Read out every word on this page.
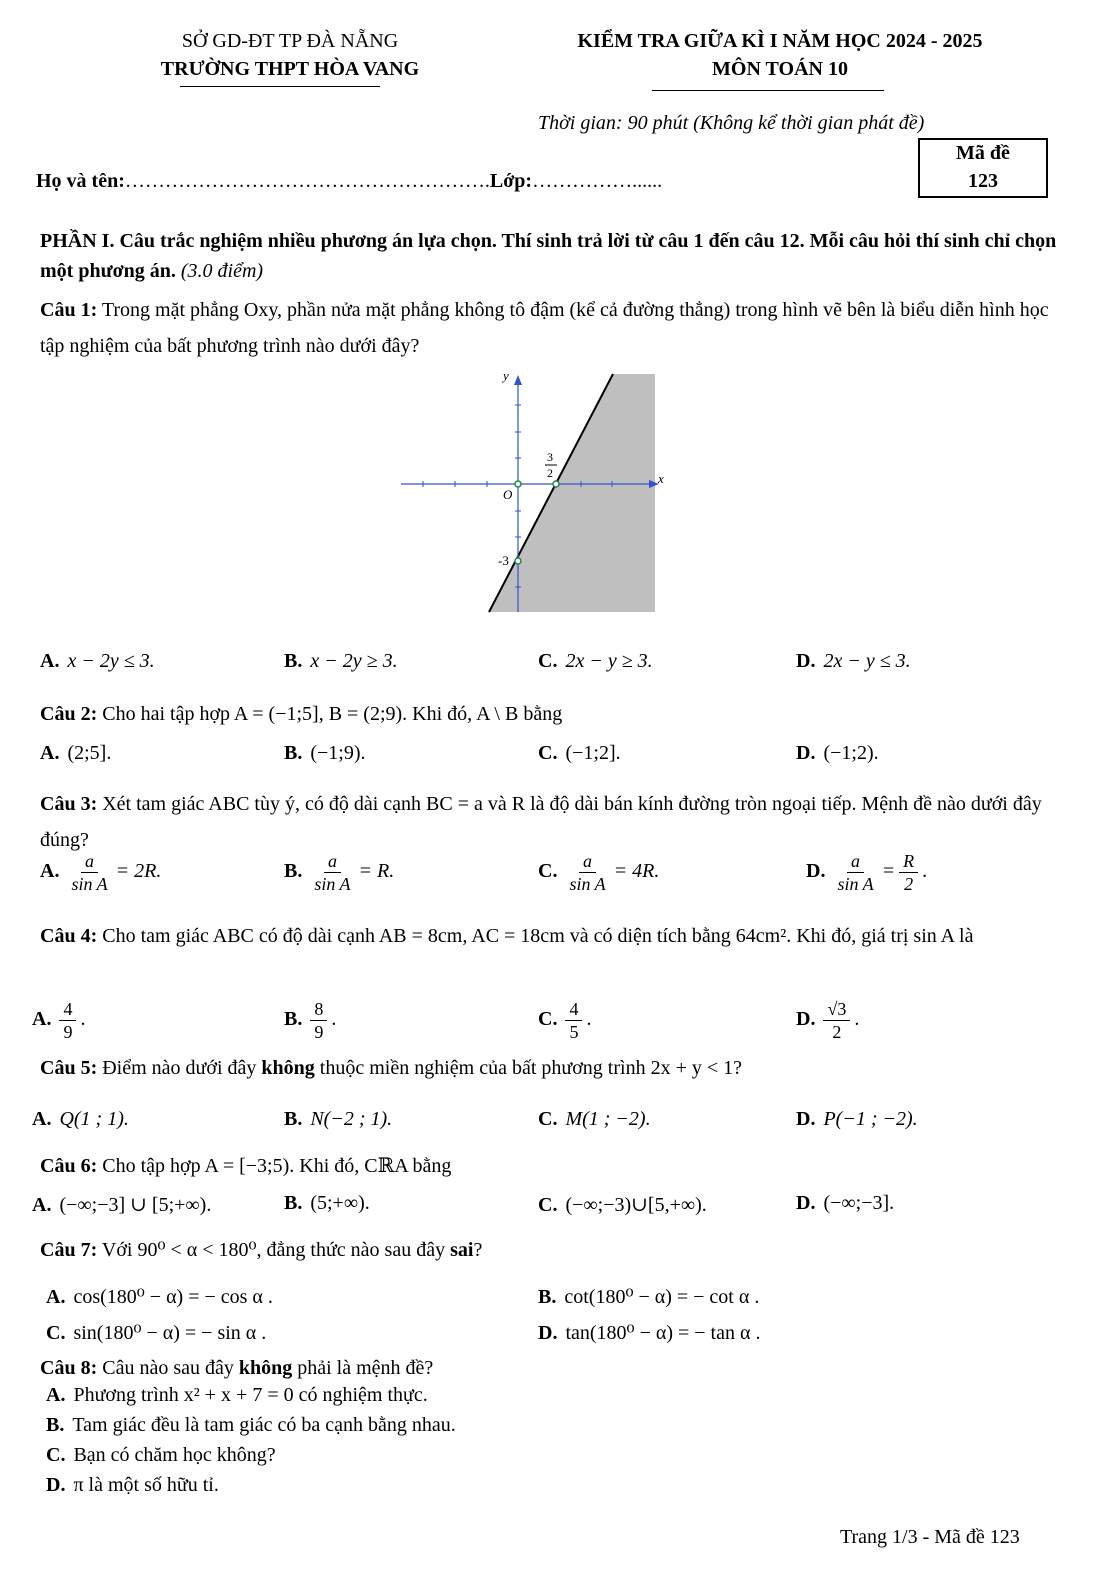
SỞ GD-ĐT TP ĐÀ NẴNG
TRƯỜNG THPT HÒA VANG
KIỂM TRA GIỮA KÌ I NĂM HỌC 2024 - 2025
MÔN TOÁN 10
Thời gian: 90 phút (Không kể thời gian phát đề)
Mã đề
123
Họ và tên:……………………………………………….Lớp:……………......
PHẦN I. Câu trắc nghiệm nhiều phương án lựa chọn. Thí sinh trả lời từ câu 1 đến câu 12. Mỗi câu hỏi thí sinh chỉ chọn một phương án. (3.0 điểm)
Câu 1: Trong mặt phẳng Oxy, phần nửa mặt phẳng không tô đậm (kể cả đường thẳng) trong hình vẽ bên là biểu diễn hình học tập nghiệm của bất phương trình nào dưới đây?
y
x
O
3
2
-3
A. x − 2y ≤ 3.	B. x − 2y ≥ 3.	C. 2x − y ≥ 3.	D. 2x − y ≤ 3.
Câu 2: Cho hai tập hợp A = (−1;5], B = (2;9). Khi đó, A \ B bằng
A. (2;5].	B. (−1;9).	C. (−1;2].	D. (−1;2).
Câu 3: Xét tam giác ABC tùy ý, có độ dài cạnh BC = a và R là độ dài bán kính đường tròn ngoại tiếp. Mệnh đề nào dưới đây đúng?
A. $\frac{a}{\text{sin A}} = 2R$.	B. $\frac{a}{\text{sin A}} = R$.	C. $\frac{a}{\text{sin A}} = 4R$.	D. $\frac{a}{\text{sin A}} = \frac{R}{2}$ .
Câu 4: Cho tam giác ABC có độ dài cạnh AB = 8cm, AC = 18cm và có diện tích bằng 64cm². Khi đó, giá trị sin A là
A. $\frac{4}{9}$ .	B. $\frac{8}{9}$ .	C. $\frac{4}{5}$ .	D. $\frac{√3}{2}$ .
Câu 5: Điểm nào dưới đây không thuộc miền nghiệm của bất phương trình 2x + y < 1?
A. Q(1 ; 1).	B. N(−2 ; 1).	C. M(1 ; −2).	D. P(−1 ; −2).
Câu 6: Cho tập hợp A = [−3;5). Khi đó, CℝA bằng
A. (−∞;−3] ∪ [5;+∞).	B. (5;+∞).	C. (−∞;−3)∪[5,+∞).	D. (−∞;−3].
Câu 7: Với 90⁰ < α < 180⁰, đẳng thức nào sau đây sai?
A. cos(180⁰ − α) = − cos α .	B. cot(180⁰ − α) = − cot α .
C. sin(180⁰ − α) = − sin α .	D. tan(180⁰ − α) = − tan α .
Câu 8: Câu nào sau đây không phải là mệnh đề?
A. Phương trình x² + x + 7 = 0 có nghiệm thực.
B. Tam giác đều là tam giác có ba cạnh bằng nhau.
C. Bạn có chăm học không?
D. π là một số hữu tỉ.
Trang 1/3 - Mã đề 123
